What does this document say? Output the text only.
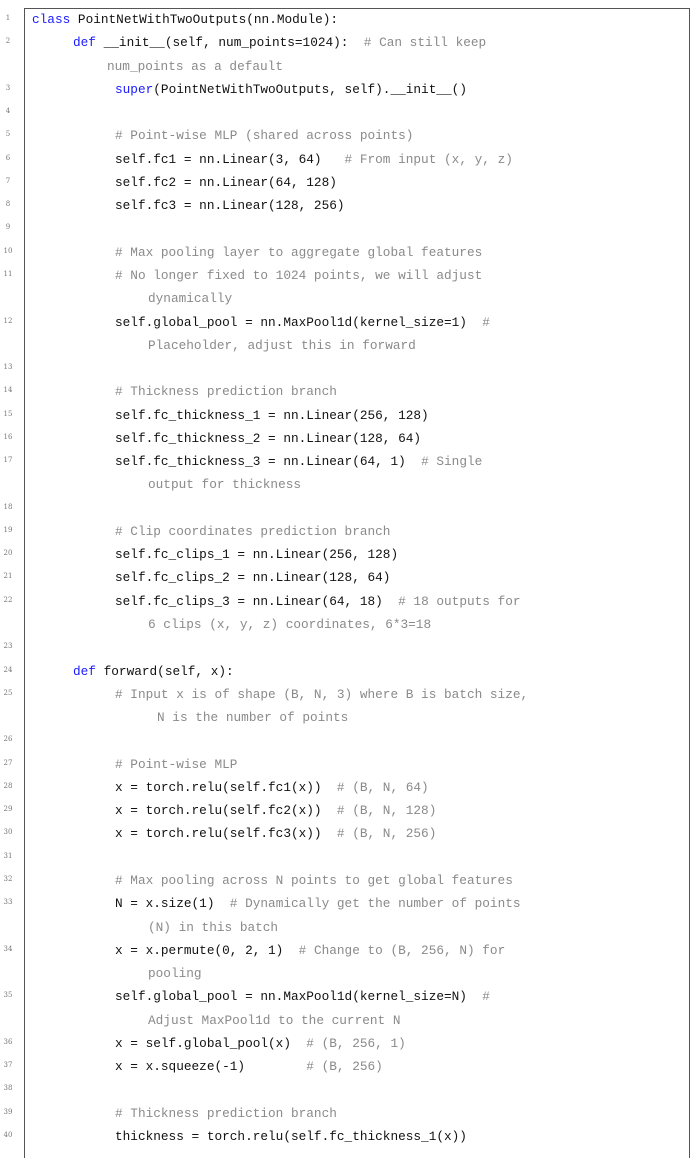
1	class PointNetWithTwoOutputs(nn.Module):
2	def __init__(self, num_points=1024):  # Can still keep
num_points as a default
3	super(PointNetWithTwoOutputs, self).__init__()
4
5	# Point-wise MLP (shared across points)
6	self.fc1 = nn.Linear(3, 64)   # From input (x, y, z)
7	self.fc2 = nn.Linear(64, 128)
8	self.fc3 = nn.Linear(128, 256)
9
10	# Max pooling layer to aggregate global features
11	# No longer fixed to 1024 points, we will adjust
dynamically
12	self.global_pool = nn.MaxPool1d(kernel_size=1)  #
Placeholder, adjust this in forward
13
14	# Thickness prediction branch
15	self.fc_thickness_1 = nn.Linear(256, 128)
16	self.fc_thickness_2 = nn.Linear(128, 64)
17	self.fc_thickness_3 = nn.Linear(64, 1)  # Single
output for thickness
18
19	# Clip coordinates prediction branch
20	self.fc_clips_1 = nn.Linear(256, 128)
21	self.fc_clips_2 = nn.Linear(128, 64)
22	self.fc_clips_3 = nn.Linear(64, 18)  # 18 outputs for
6 clips (x, y, z) coordinates, 6*3=18
23
24	def forward(self, x):
25	# Input x is of shape (B, N, 3) where B is batch size,
N is the number of points
26
27	# Point-wise MLP
28	x = torch.relu(self.fc1(x))  # (B, N, 64)
29	x = torch.relu(self.fc2(x))  # (B, N, 128)
30	x = torch.relu(self.fc3(x))  # (B, N, 256)
31
32	# Max pooling across N points to get global features
33	N = x.size(1)  # Dynamically get the number of points
(N) in this batch
34	x = x.permute(0, 2, 1)  # Change to (B, 256, N) for
pooling
35	self.global_pool = nn.MaxPool1d(kernel_size=N)  #
Adjust MaxPool1d to the current N
36	x = self.global_pool(x)  # (B, 256, 1)
37	x = x.squeeze(-1)        # (B, 256)
38
39	# Thickness prediction branch
40	thickness = torch.relu(self.fc_thickness_1(x))
